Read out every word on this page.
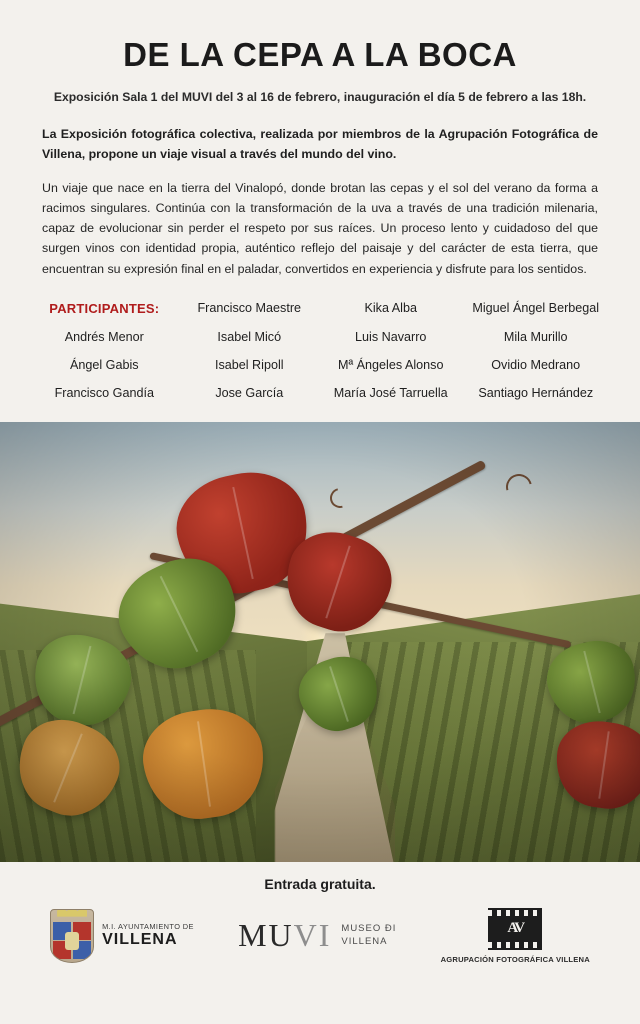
DE LA CEPA A LA BOCA
Exposición Sala 1 del MUVI del 3 al 16 de febrero, inauguración el día 5 de febrero a las 18h.

La Exposición fotográfica colectiva, realizada por miembros de la Agrupación Fotográfica de Villena, propone un viaje visual a través del mundo del vino.

Un viaje que nace en la tierra del Vinalopó, donde brotan las cepas y el sol del verano da forma a racimos singulares. Continúa con la transformación de la uva a través de una tradición milenaria, capaz de evolucionar sin perder el respeto por sus raíces. Un proceso lento y cuidadoso del que surgen vinos con identidad propia, auténtico reflejo del paisaje y del carácter de esta tierra, que encuentran su expresión final en el paladar, convertidos en experiencia y disfrute para los sentidos.

PARTICIPANTES:	Francisco Maestre	Kika Alba	Miguel Ángel Berbegal
Andrés Menor	Isabel Micó	Luis Navarro	Mila Murillo
Ángel Gabis	Isabel Ripoll	Mª Ángeles Alonso	Ovidio Medrano
Francisco Gandía	Jose García	María José Tarruella	Santiago Hernández
Entrada gratuita.
M.I. AYUNTAMIENTO DE
VILLENA	MUVI MUSEO ÐI
VILLENA
AV
AGRUPACIÓN FOTOGRÁFICA VILLENA
